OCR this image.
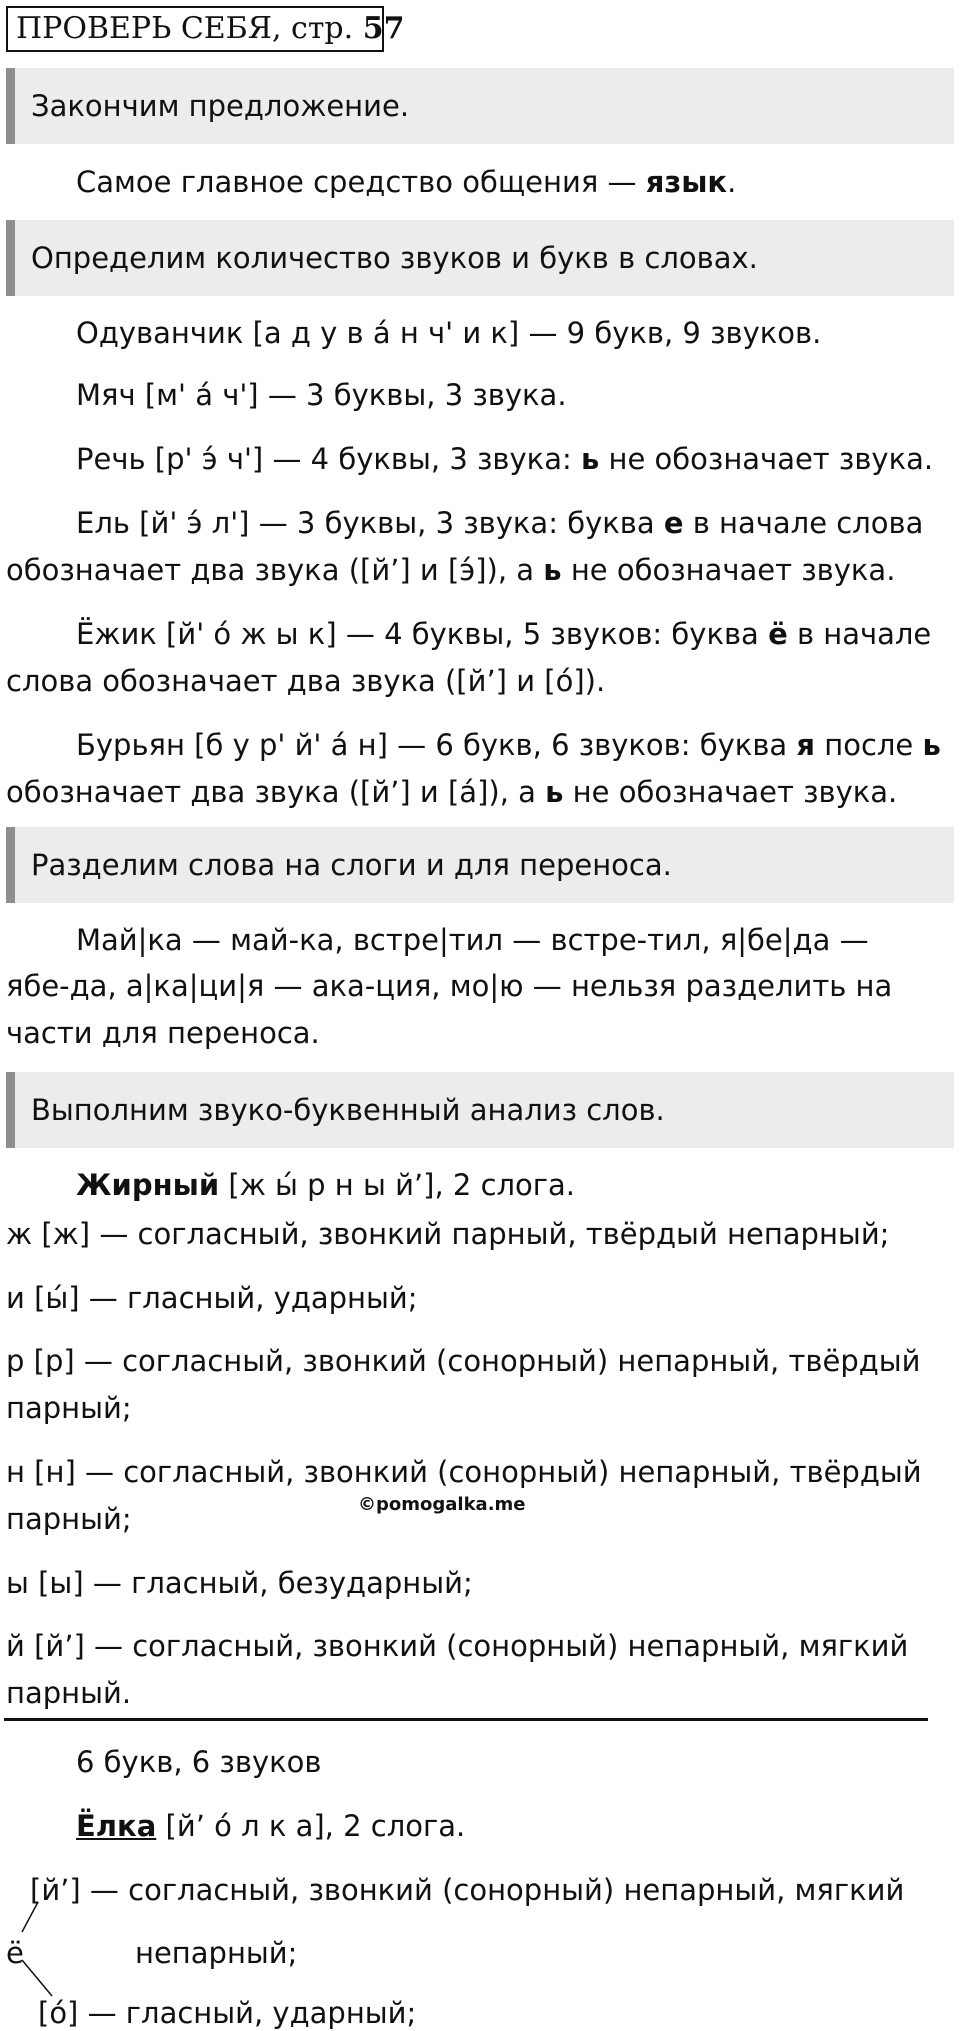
ПРОВЕРЬ СЕБЯ, стр. 57
Закончим предложение.
Самое главное средство общения — язык.
Определим количество звуков и букв в словах.
Одуванчик [а д у в а́ н ч' и к] — 9 букв, 9 звуков.
Мяч [м' а́ ч'] — 3 буквы, 3 звука.
Речь [р' э́ ч'] — 4 буквы, 3 звука: ь не обозначает звука.
Ель [й' э́ л'] — 3 буквы, 3 звука: буква е в начале слова
обозначает два звука ([й’] и [э́]), а ь не обозначает звука.
Ёжик [й' о́ ж ы к] — 4 буквы, 5 звуков: буква ё в начале
слова обозначает два звука ([й’] и [о́]).
Бурьян [б у р' й' а́ н] — 6 букв, 6 звуков: буква я после ь
обозначает два звука ([й’] и [а́]), а ь не обозначает звука.
Разделим слова на слоги и для переноса.
Май|ка — май-ка, встре|тил — встре-тил, я|бе|да —
ябе-да, а|ка|ци|я — ака-ция, мо|ю — нельзя разделить на
части для переноса.
Выполним звуко-буквенный анализ слов.
Жирный [ж ы́ р н ы й’], 2 слога.
ж [ж] — согласный, звонкий парный, твёрдый непарный;
и [ы́] — гласный, ударный;
р [р] — согласный, звонкий (сонорный) непарный, твёрдый
парный;
н [н] — согласный, звонкий (сонорный) непарный, твёрдый
парный;	©pomogalka.me
ы [ы] — гласный, безударный;
й [й’] — согласный, звонкий (сонорный) непарный, мягкий
парный.
6 букв, 6 звуков
Ёлка [й’ о́ л к а], 2 слога.
[й’] — согласный, звонкий (сонорный) непарный, мягкий
непарный;
ё
[о́] — гласный, ударный;
